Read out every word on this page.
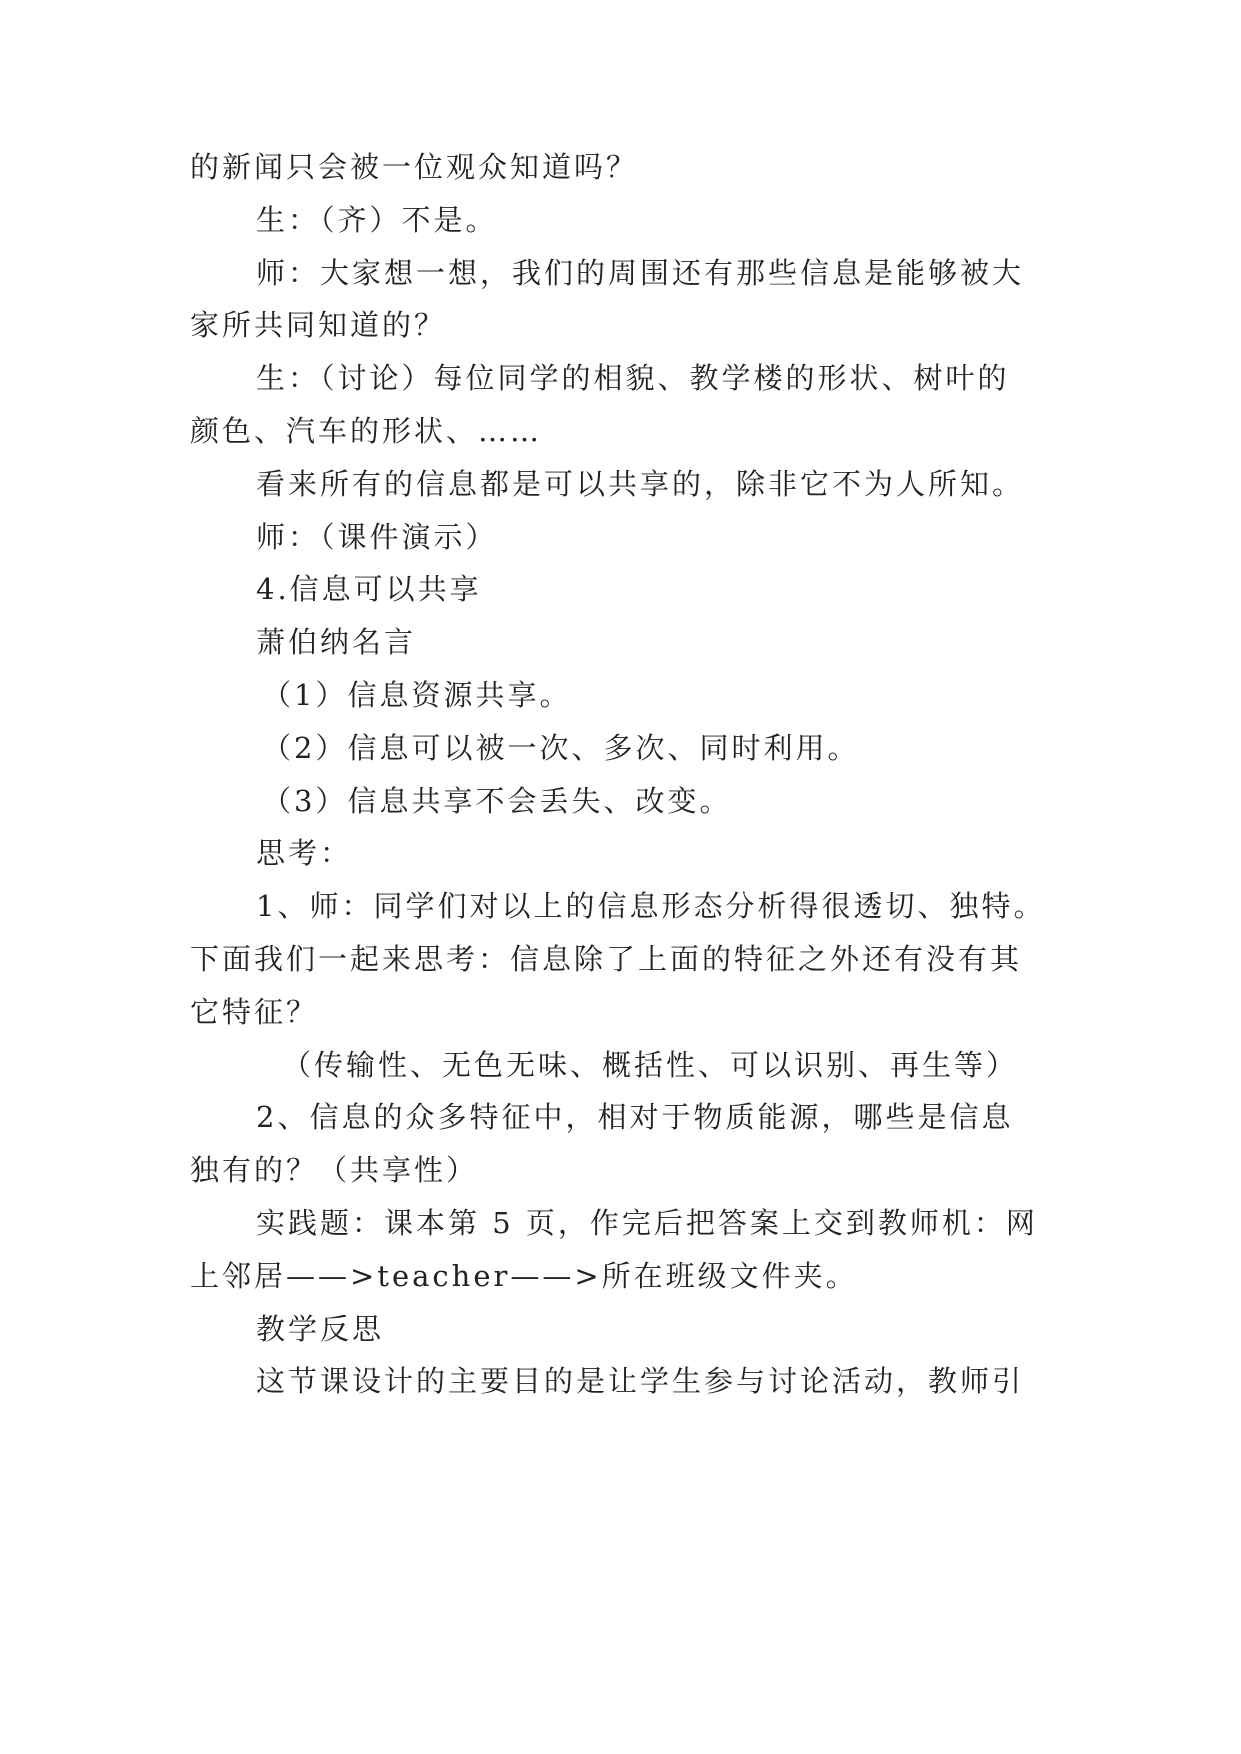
的新闻只会被一位观众知道吗？
生：（齐）不是。
师：大家想一想，我们的周围还有那些信息是能够被大
家所共同知道的？
生：（讨论）每位同学的相貌、教学楼的形状、树叶的
颜色、汽车的形状、……
看来所有的信息都是可以共享的，除非它不为人所知。
师：（课件演示）
4.信息可以共享
萧伯纳名言
（1）信息资源共享。
（2）信息可以被一次、多次、同时利用。
（3）信息共享不会丢失、改变。
思考：
1、师：同学们对以上的信息形态分析得很透切、独特。
下面我们一起来思考：信息除了上面的特征之外还有没有其
它特征？
（传输性、无色无味、概括性、可以识别、再生等）
2、信息的众多特征中，相对于物质能源，哪些是信息
独有的？（共享性）
实践题：课本第 5 页，作完后把答案上交到教师机：网
上邻居——>teacher——>所在班级文件夹。
教学反思
这节课设计的主要目的是让学生参与讨论活动，教师引
